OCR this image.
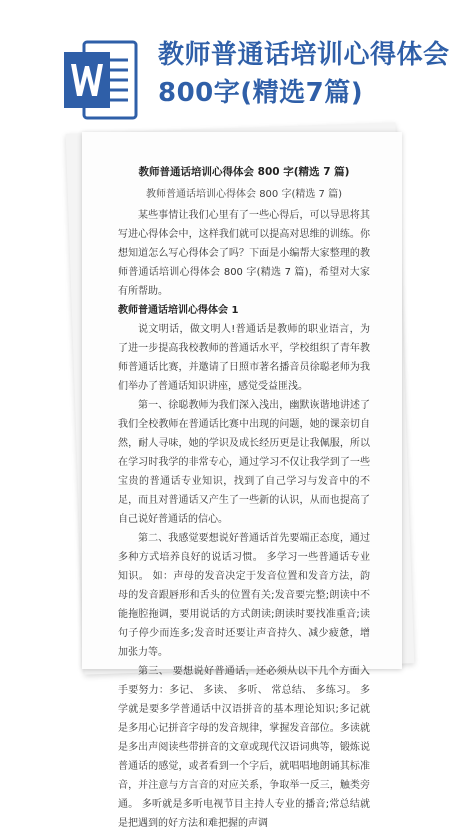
教师普通话培训心得体会800字(精选7篇)
教师普通话培训心得体会 800 字(精选 7 篇)
教师普通话培训心得体会 800 字(精选 7 篇)

某些事情让我们心里有了一些心得后，可以导思将其写进心得体会中，这样我们就可以提高对思维的训练。你想知道怎么写心得体会了吗？下面是小编帮大家整理的教师普通话培训心得体会 800 字(精选 7 篇)，希望对大家有所帮助。

教师普通话培训心得体会 1

说文明话，做文明人!普通话是教师的职业语言，为了进一步提高我校教师的普通话水平，学校组织了青年教师普通话比赛，并邀请了日照市著名播音员徐聪老师为我们举办了普通话知识讲座，感觉受益匪浅。

第一、徐聪教师为我们深入浅出，幽默诙谐地讲述了我们全校教师在普通话比赛中出现的问题，她的课亲切自然，耐人寻味，她的学识及成长经历更是让我佩服，所以在学习时我学的非常专心，通过学习不仅让我学到了一些宝贵的普通话专业知识，找到了自己学习与发音中的不足，而且对普通话又产生了一些新的认识，从而也提高了自己说好普通话的信心。

第二、我感觉要想说好普通话首先要端正态度，通过多种方式培养良好的说话习惯。 多学习一些普通话专业知识。 如：声母的发音决定于发音位置和发音方法，韵母的发音跟唇形和舌头的位置有关;发音要完整;朗读中不能拖腔拖调，要用说话的方式朗读;朗读时要找准重音;读句子停少而连多;发音时还要让声音持久、减少疲惫，增加张力等。

第三、 要想说好普通话，还必须从以下几个方面入手要努力：多记、 多读、 多听、 常总结、 多练习。 多学就是要多学普通话中汉语拼音的基本理论知识;多记就是多用心记拼音字母的发音规律，掌握发音部位。多读就是多出声阅读些带拼音的文章或现代汉语词典等，锻炼说普通话的感觉，或者看到一个字后，就唱唱地朗诵其标准音，并注意与方言音的对应关系，争取举一反三，触类旁通。 多听就是多听电视节目主持人专业的播音;常总结就是把遇到的好方法和难把握的声调
